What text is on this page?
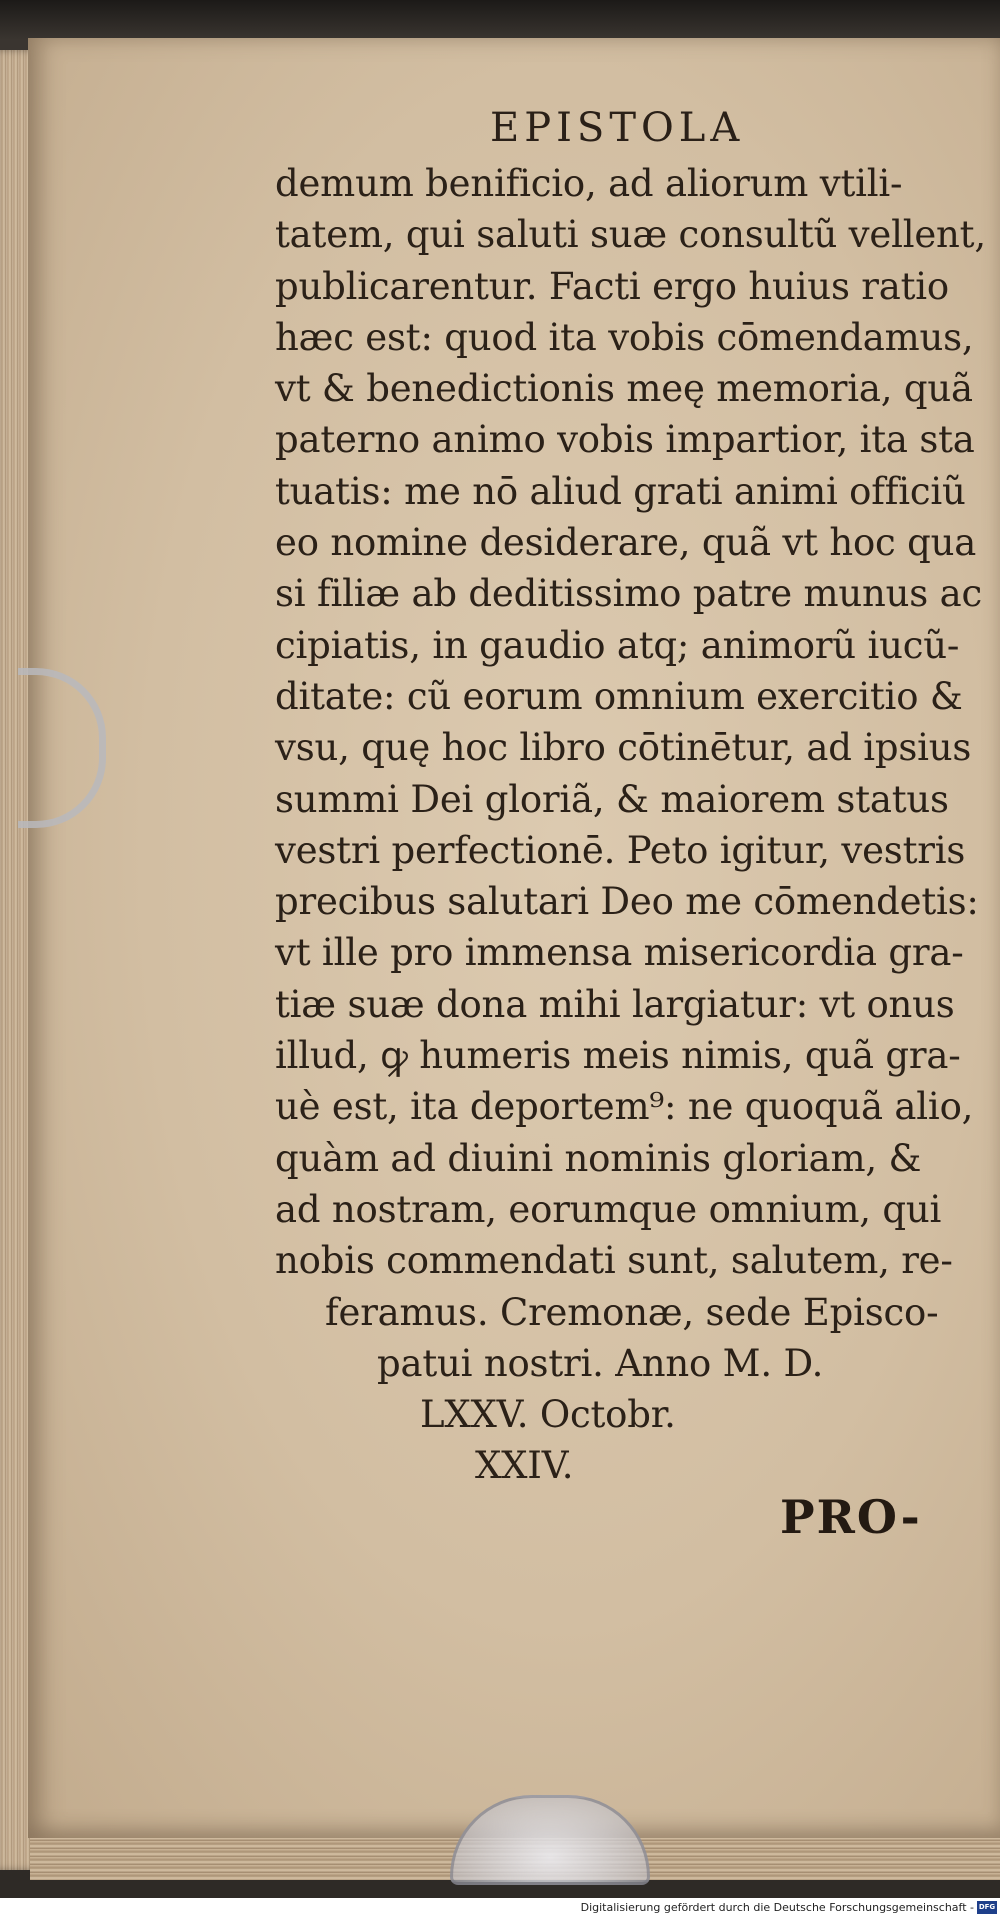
EPISTOLA
demum benificio, ad aliorum vtili-
tatem, qui saluti suæ consultũ vellent,
publicarentur. Facti ergo huius ratio
hæc est: quod ita vobis cōmendamus,
vt & benedictionis meę memoria, quã
paterno animo vobis impartior, ita sta
tuatis: me nō aliud grati animi officiũ
eo nomine desiderare, quã vt hoc qua
si filiæ ab deditissimo patre munus ac
cipiatis, in gaudio atq; animorũ iucũ-
ditate: cũ eorum omnium exercitio &
vsu, quę hoc libro cōtinētur, ad ipsius
summi Dei gloriã, & maiorem status
vestri perfectionē. Peto igitur, vestris
precibus salutari Deo me cōmendetis:
vt ille pro immensa misericordia gra-
tiæ suæ dona mihi largiatur: vt onus
illud, ꝙ humeris meis nimis, quã gra-
uè est, ita deportem⁹: ne quoquã alio,
quàm ad diuini nominis gloriam, &
ad nostram, eorumque omnium, qui
nobis commendati sunt, salutem, re-
feramus. Cremonæ, sede Episco-
patui nostri. Anno M. D.
LXXV. Octobr.
XXIV.
PRO-
Digitalisierung gefördert durch die Deutsche Forschungsgemeinschaft - DFG
